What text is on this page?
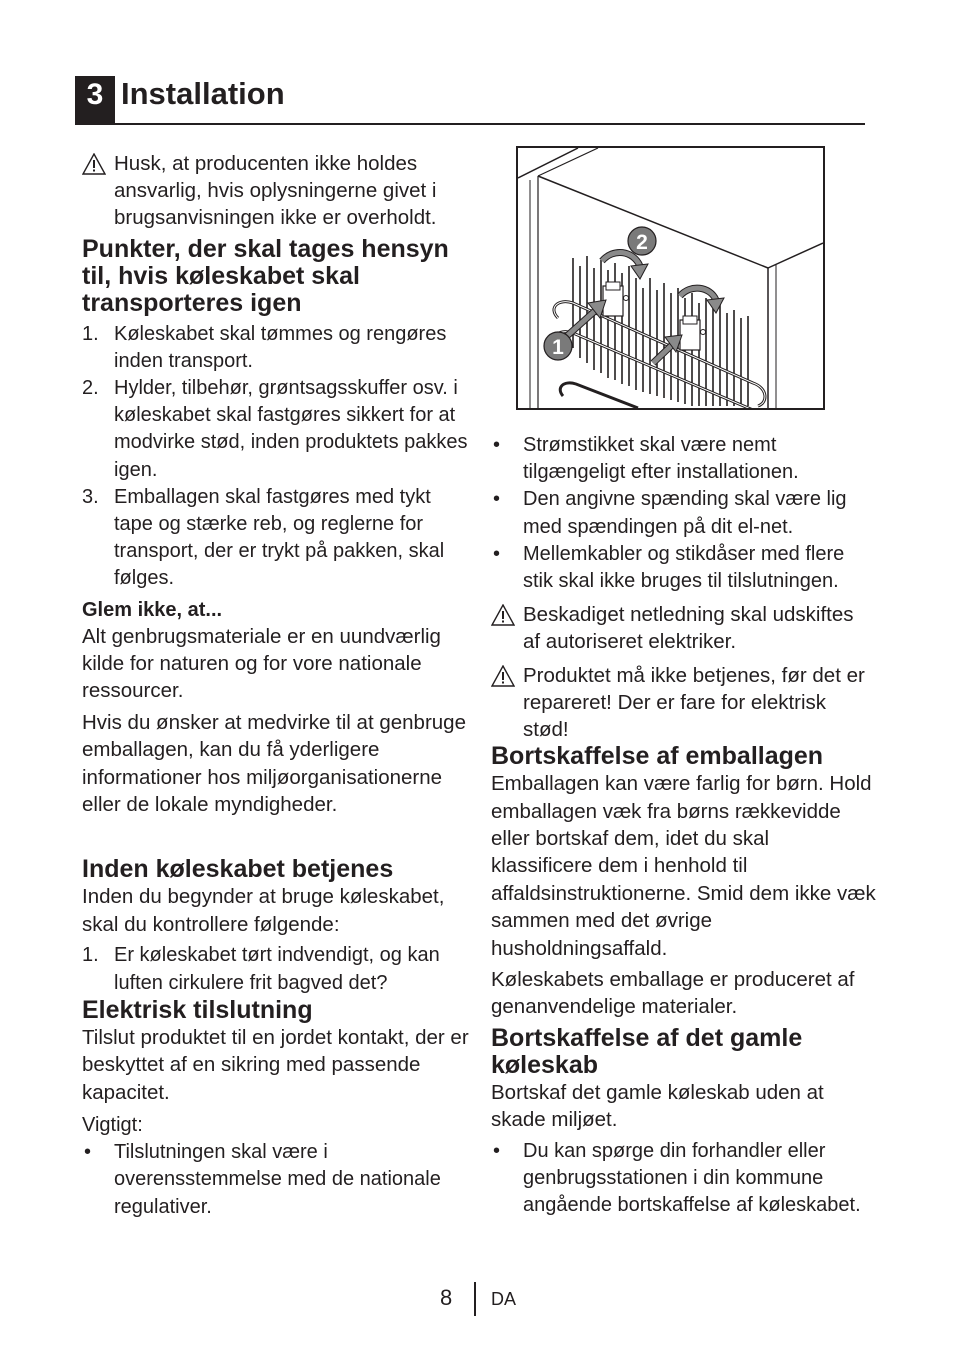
3 Installation
Husk, at producenten ikke holdes ansvarlig, hvis oplysningerne givet i brugsanvisningen ikke er overholdt.
Punkter, der skal tages hensyn til, hvis køleskabet skal transporteres igen
1. Køleskabet skal tømmes og rengøres inden transport.
2. Hylder, tilbehør, grøntsagsskuffer osv. i køleskabet skal fastgøres sikkert for at modvirke stød, inden produktets pakkes igen.
3. Emballagen skal fastgøres med tykt tape og stærke reb, og reglerne for transport, der er trykt på pakken, skal følges.
Glem ikke, at...

Alt genbrugsmateriale er en uundværlig kilde for naturen og for vore nationale ressourcer.

Hvis du ønsker at medvirke til at genbruge emballagen, kan du få yderligere informationer hos miljøorganisationerne eller de lokale myndigheder.

Inden køleskabet betjenes

Inden du begynder at bruge køleskabet, skal du kontrollere følgende:

1. Er køleskabet tørt indvendigt, og kan luften cirkulere frit bagved det?
Elektrisk tilslutning

Tilslut produktet til en jordet kontakt, der er beskyttet af en sikring med passende kapacitet.

Vigtigt:

• Tilslutningen skal være i overensstemmelse med de nationale regulativer.
2
1
• Strømstikket skal være nemt tilgængeligt efter installationen.
• Den angivne spænding skal være lig med spændingen på dit el-net.
• Mellemkabler og stikdåser med flere stik skal ikke bruges til tilslutningen.
Beskadiget netledning skal udskiftes af autoriseret elektriker.
Produktet må ikke betjenes, før det er repareret! Der er fare for elektrisk stød!
Bortskaffelse af emballagen

Emballagen kan være farlig for børn. Hold emballagen væk fra børns rækkevidde eller bortskaf dem, idet du skal klassificere dem i henhold til affaldsinstruktionerne. Smid dem ikke væk sammen med det øvrige husholdningsaffald.

Køleskabets emballage er produceret af genanvendelige materialer.

Bortskaffelse af det gamle køleskab

Bortskaf det gamle køleskab uden at skade miljøet.

• Du kan spørge din forhandler eller genbrugsstationen i din kommune angående bortskaffelse af køleskabet.
8 DA
